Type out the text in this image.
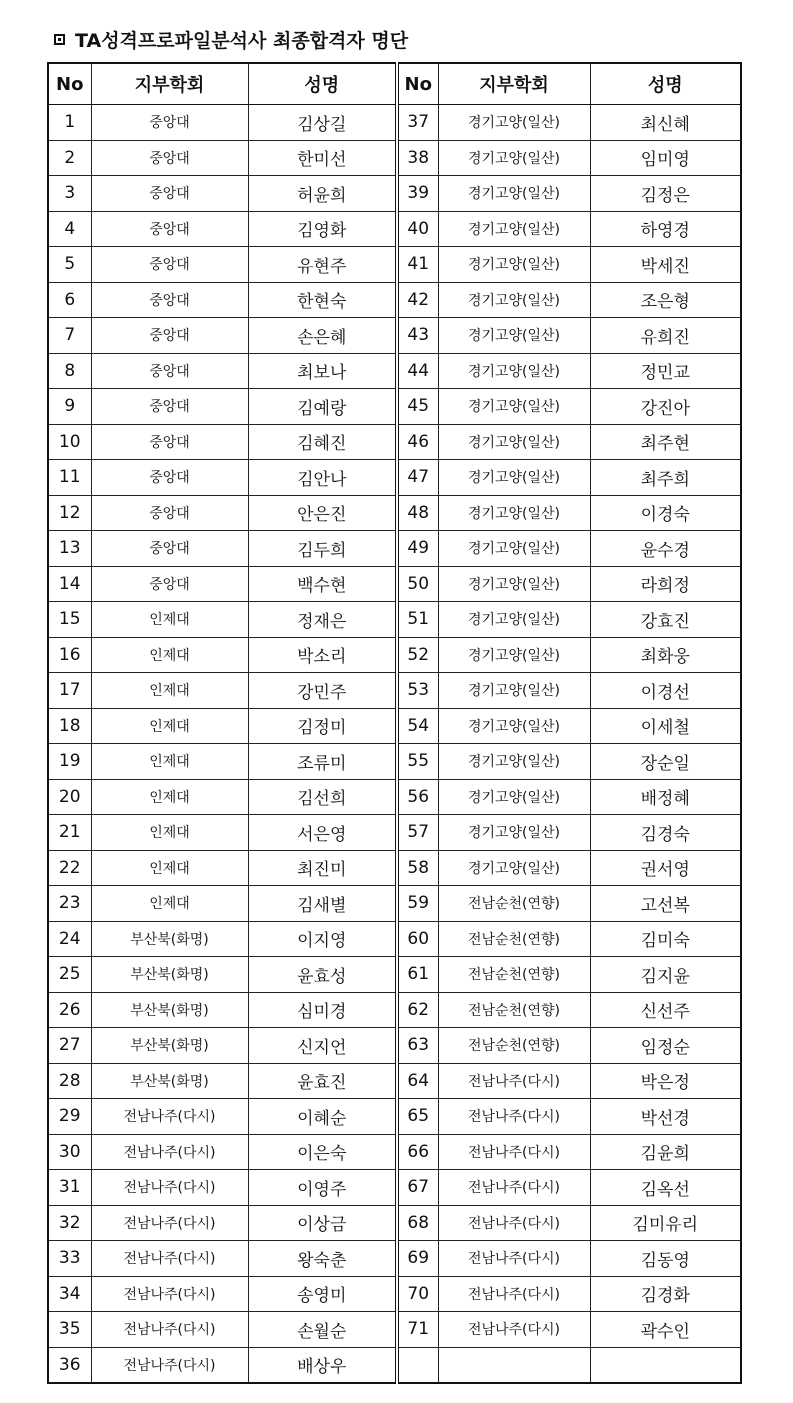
TA성격프로파일분석사 최종합격자 명단
No	지부학회	성명	No	지부학회	성명
1	중앙대	김상길	37	경기고양(일산)	최신혜
2	중앙대	한미선	38	경기고양(일산)	임미영
3	중앙대	허윤희	39	경기고양(일산)	김정은
4	중앙대	김영화	40	경기고양(일산)	하영경
5	중앙대	유현주	41	경기고양(일산)	박세진
6	중앙대	한현숙	42	경기고양(일산)	조은형
7	중앙대	손은혜	43	경기고양(일산)	유희진
8	중앙대	최보나	44	경기고양(일산)	정민교
9	중앙대	김예랑	45	경기고양(일산)	강진아
10	중앙대	김혜진	46	경기고양(일산)	최주현
11	중앙대	김안나	47	경기고양(일산)	최주희
12	중앙대	안은진	48	경기고양(일산)	이경숙
13	중앙대	김두희	49	경기고양(일산)	윤수경
14	중앙대	백수현	50	경기고양(일산)	라희정
15	인제대	정재은	51	경기고양(일산)	강효진
16	인제대	박소리	52	경기고양(일산)	최화웅
17	인제대	강민주	53	경기고양(일산)	이경선
18	인제대	김정미	54	경기고양(일산)	이세철
19	인제대	조류미	55	경기고양(일산)	장순일
20	인제대	김선희	56	경기고양(일산)	배정혜
21	인제대	서은영	57	경기고양(일산)	김경숙
22	인제대	최진미	58	경기고양(일산)	권서영
23	인제대	김새별	59	전남순천(연향)	고선복
24	부산북(화명)	이지영	60	전남순천(연향)	김미숙
25	부산북(화명)	윤효성	61	전남순천(연향)	김지윤
26	부산북(화명)	심미경	62	전남순천(연향)	신선주
27	부산북(화명)	신지언	63	전남순천(연향)	임정순
28	부산북(화명)	윤효진	64	전남나주(다시)	박은정
29	전남나주(다시)	이혜순	65	전남나주(다시)	박선경
30	전남나주(다시)	이은숙	66	전남나주(다시)	김윤희
31	전남나주(다시)	이영주	67	전남나주(다시)	김옥선
32	전남나주(다시)	이상금	68	전남나주(다시)	김미유리
33	전남나주(다시)	왕숙춘	69	전남나주(다시)	김동영
34	전남나주(다시)	송영미	70	전남나주(다시)	김경화
35	전남나주(다시)	손월순	71	전남나주(다시)	곽수인
36	전남나주(다시)	배상우			
